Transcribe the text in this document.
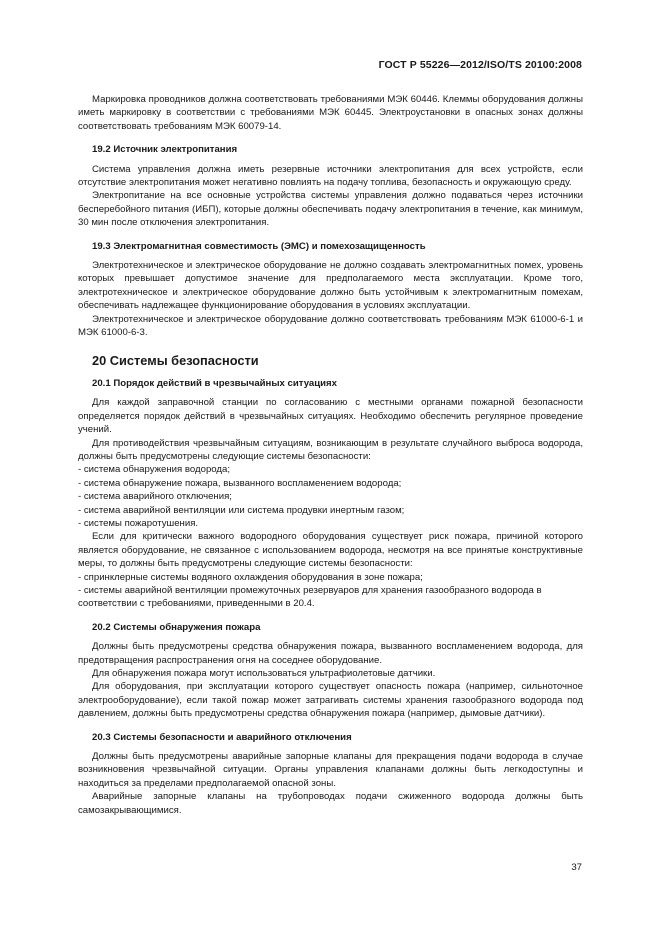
ГОСТ Р 55226—2012/ISO/TS 20100:2008

Маркировка проводников должна соответствовать требованиями МЭК 60446. Клеммы оборудования должны иметь маркировку в соответствии с требованиями МЭК 60445. Электроустановки в опасных зонах должны соответствовать требованиям МЭК 60079-14.

19.2 Источник электропитания

Система управления должна иметь резервные источники электропитания для всех устройств, если отсутствие электропитания может негативно повлиять на подачу топлива, безопасность и окружающую среду.

Электропитание на все основные устройства системы управления должно подаваться через источники бесперебойного питания (ИБП), которые должны обеспечивать подачу электропитания в течение, как минимум, 30 мин после отключения электропитания.

19.3 Электромагнитная совместимость (ЭМС) и помехозащищенность

Электротехническое и электрическое оборудование не должно создавать электромагнитных помех, уровень которых превышает допустимое значение для предполагаемого места эксплуатации. Кроме того, электротехническое и электрическое оборудование должно быть устойчивым к электромагнитным помехам, обеспечивать надлежащее функционирование оборудования в условиях эксплуатации.

Электротехническое и электрическое оборудование должно соответствовать требованиям МЭК 61000-6-1 и МЭК 61000-6-3.

20 Системы безопасности
20.1 Порядок действий в чрезвычайных ситуациях

Для каждой заправочной станции по согласованию с местными органами пожарной безопасности определяется порядок действий в чрезвычайных ситуациях. Необходимо обеспечить регулярное проведение учений.

Для противодействия чрезвычайным ситуациям, возникающим в результате случайного выброса водорода, должны быть предусмотрены следующие системы безопасности:

- система обнаружения водорода;

- система обнаружение пожара, вызванного воспламенением водорода;

- система аварийного отключения;

- система аварийной вентиляции или система продувки инертным газом;

- системы пожаротушения.

Если для критически важного водородного оборудования существует риск пожара, причиной которого является оборудование, не связанное с использованием водорода, несмотря на все принятые конструктивные меры, то должны быть предусмотрены следующие системы безопасности:

- спринклерные системы водяного охлаждения оборудования в зоне пожара;

- системы аварийной вентиляции промежуточных резервуаров для хранения газообразного водорода в соответствии с требованиями, приведенными в 20.4.

20.2 Системы обнаружения пожара

Должны быть предусмотрены средства обнаружения пожара, вызванного воспламенением водорода, для предотвращения распространения огня на соседнее оборудование.

Для обнаружения пожара могут использоваться ультрафиолетовые датчики.

Для оборудования, при эксплуатации которого существует опасность пожара (например, сильноточное электрооборудование), если такой пожар может затрагивать системы хранения газообразного водорода под давлением, должны быть предусмотрены средства обнаружения пожара (например, дымовые датчики).

20.3 Системы безопасности и аварийного отключения

Должны быть предусмотрены аварийные запорные клапаны для прекращения подачи водорода в случае возникновения чрезвычайной ситуации. Органы управления клапанами должны быть легкодоступны и находиться за пределами предполагаемой опасной зоны.

Аварийные запорные клапаны на трубопроводах подачи сжиженного водорода должны быть самозакрывающимися.

37
